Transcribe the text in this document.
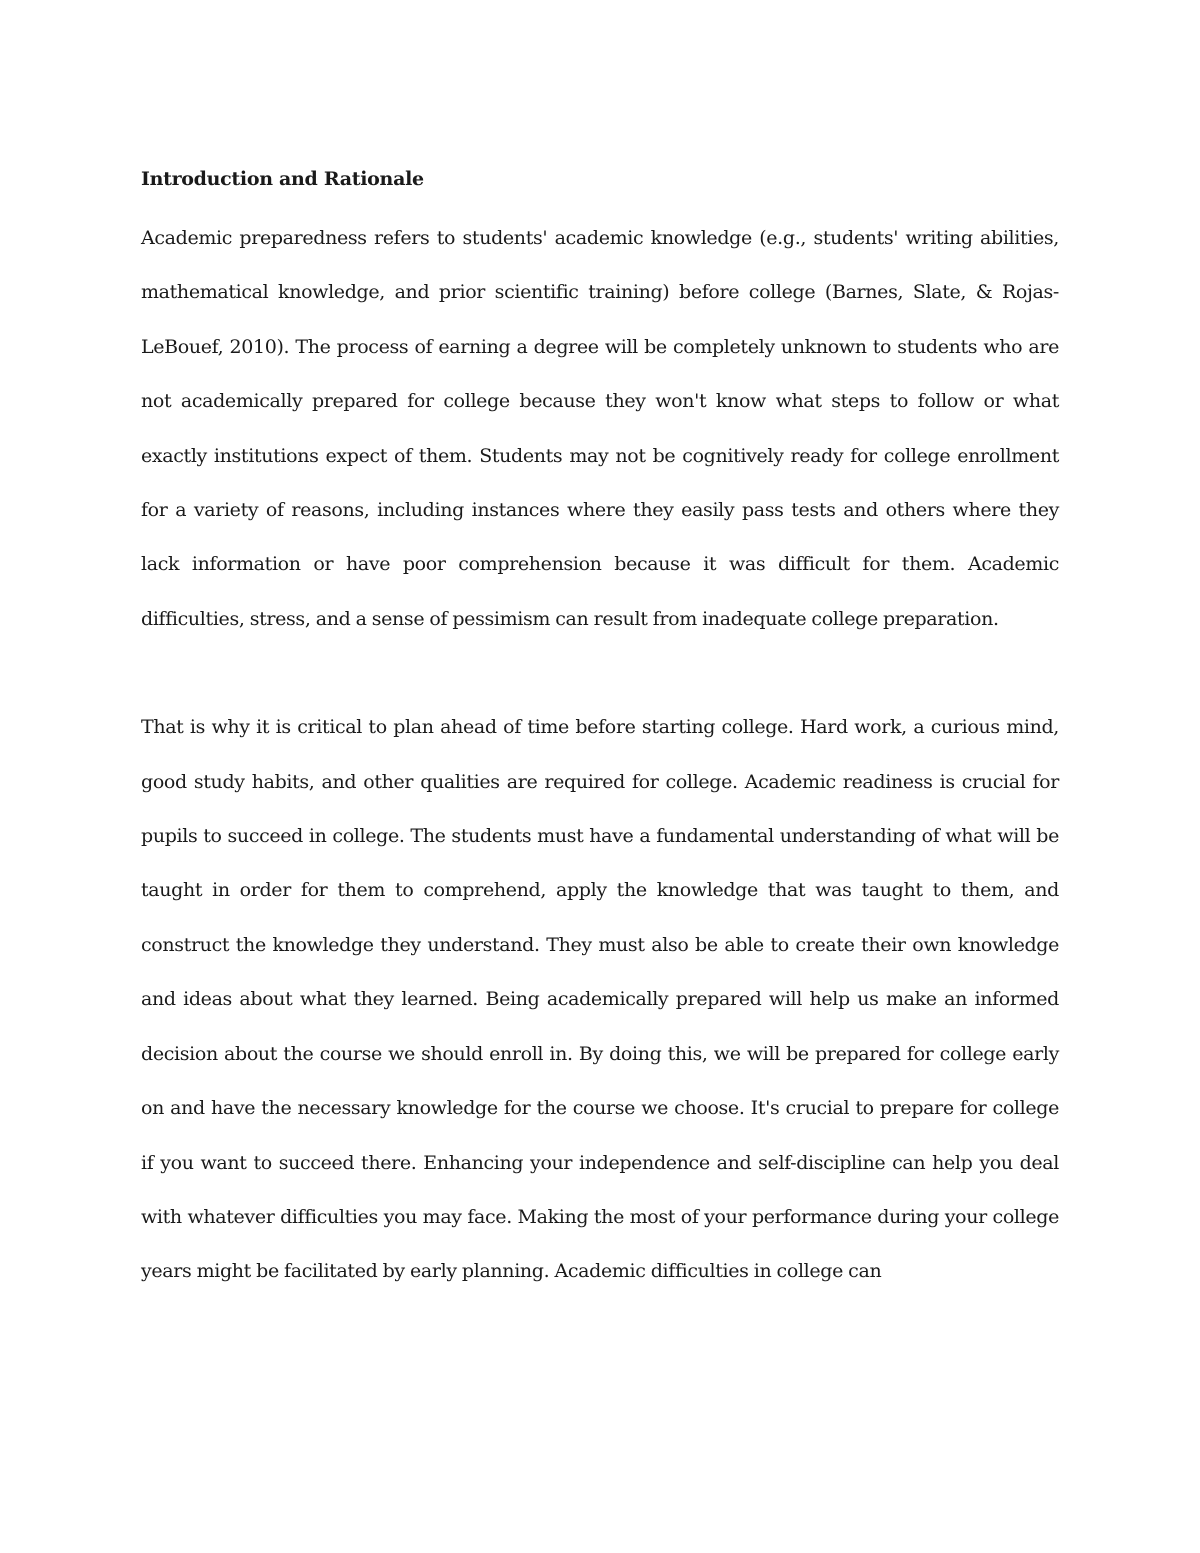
Introduction and Rationale

Academic preparedness refers to students' academic knowledge (e.g., students' writing abilities, mathematical knowledge, and prior scientific training) before college (Barnes, Slate, & Rojas-LeBouef, 2010). The process of earning a degree will be completely unknown to students who are not academically prepared for college because they won't know what steps to follow or what exactly institutions expect of them. Students may not be cognitively ready for college enrollment for a variety of reasons, including instances where they easily pass tests and others where they lack information or have poor comprehension because it was difficult for them. Academic difficulties, stress, and a sense of pessimism can result from inadequate college preparation.

That is why it is critical to plan ahead of time before starting college. Hard work, a curious mind, good study habits, and other qualities are required for college. Academic readiness is crucial for pupils to succeed in college. The students must have a fundamental understanding of what will be taught in order for them to comprehend, apply the knowledge that was taught to them, and construct the knowledge they understand. They must also be able to create their own knowledge and ideas about what they learned. Being academically prepared will help us make an informed decision about the course we should enroll in. By doing this, we will be prepared for college early on and have the necessary knowledge for the course we choose. It's crucial to prepare for college if you want to succeed there. Enhancing your independence and self-discipline can help you deal with whatever difficulties you may face. Making the most of your performance during your college years might be facilitated by early planning. Academic difficulties in college can
